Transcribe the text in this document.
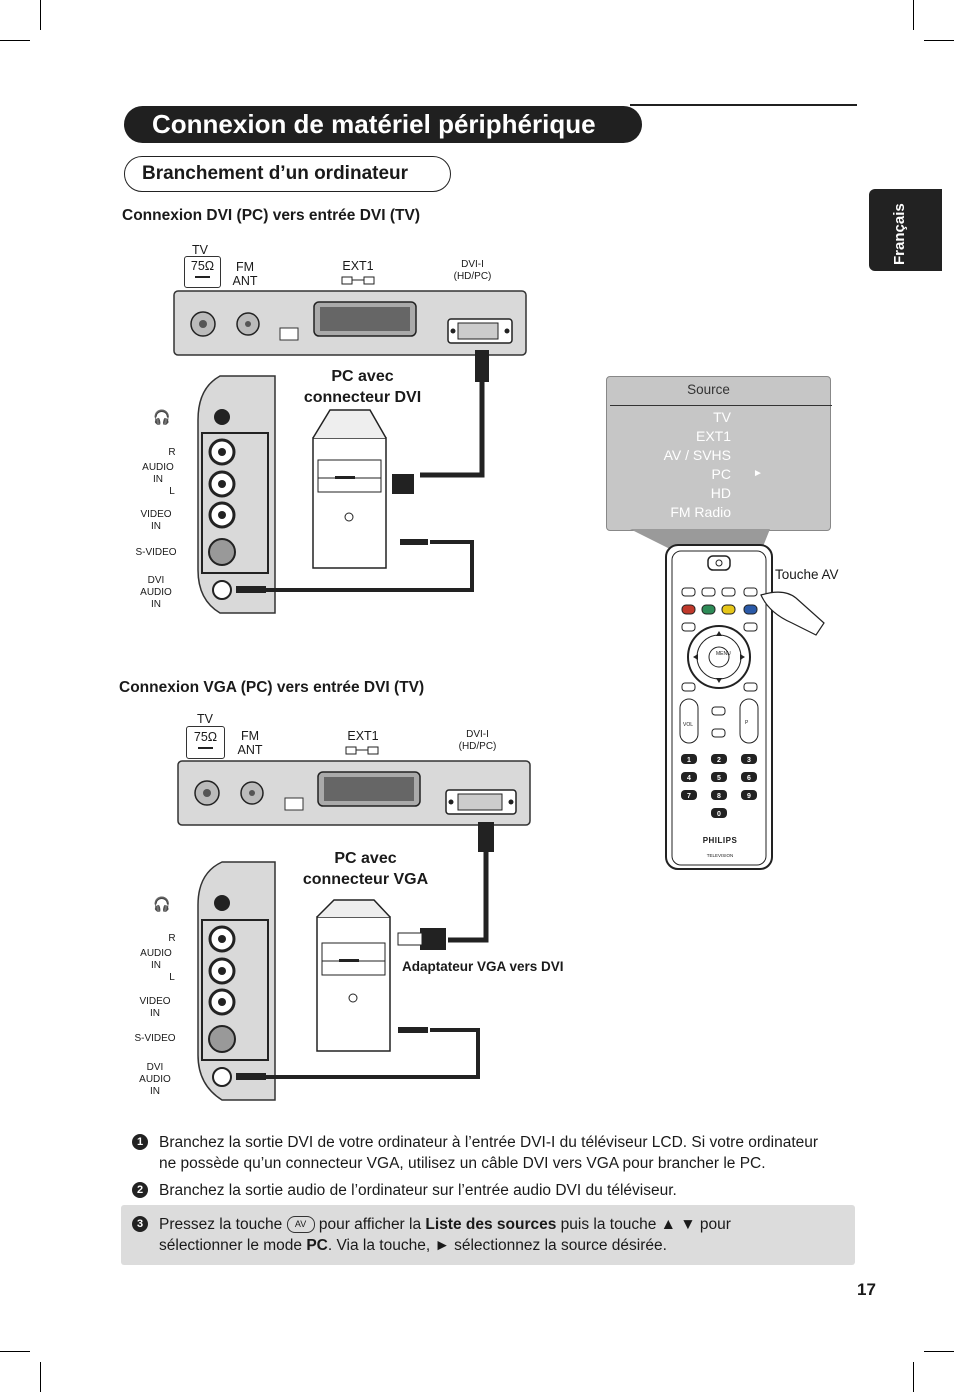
Connexion de matériel périphérique
Branchement d’un ordinateur
Français
Connexion DVI (PC) vers entrée DVI (TV)
TV
75Ω	FM
ANT
EXT1	DVI-I
(HD/PC)
🎧
R
AUDIO
IN
L
VIDEO
IN
S-VIDEO
DVI
AUDIO
IN
PC avec
connecteur DVI	Source
TV
EXT1
AV / SVHS
PC ►
HD
FM Radio
1	2	3
4	5	6
7	8	9
0
MENU
VOL	P
PHILIPS
TELEVISION
Touche AV
Connexion VGA (PC) vers entrée DVI (TV)
TV
75Ω	FM
ANT
EXT1	DVI-I
(HD/PC)
🎧
R
AUDIO
IN
L
VIDEO
IN
S-VIDEO
DVI
AUDIO
IN
PC avec
connecteur VGA
Adaptateur VGA vers DVI
1	Branchez la sortie DVI de votre ordinateur à l’entrée DVI-I du téléviseur LCD. Si votre ordinateur
ne possède qu’un connecteur VGA, utilisez un câble DVI vers VGA pour brancher le PC.
2	Branchez la sortie audio de l’ordinateur sur l’entrée audio DVI du téléviseur.
3	Pressez la touche AV pour afficher la Liste des sources puis la touche ▲ ▼ pour
sélectionner le mode PC. Via la touche, ► sélectionnez la source désirée.
17
